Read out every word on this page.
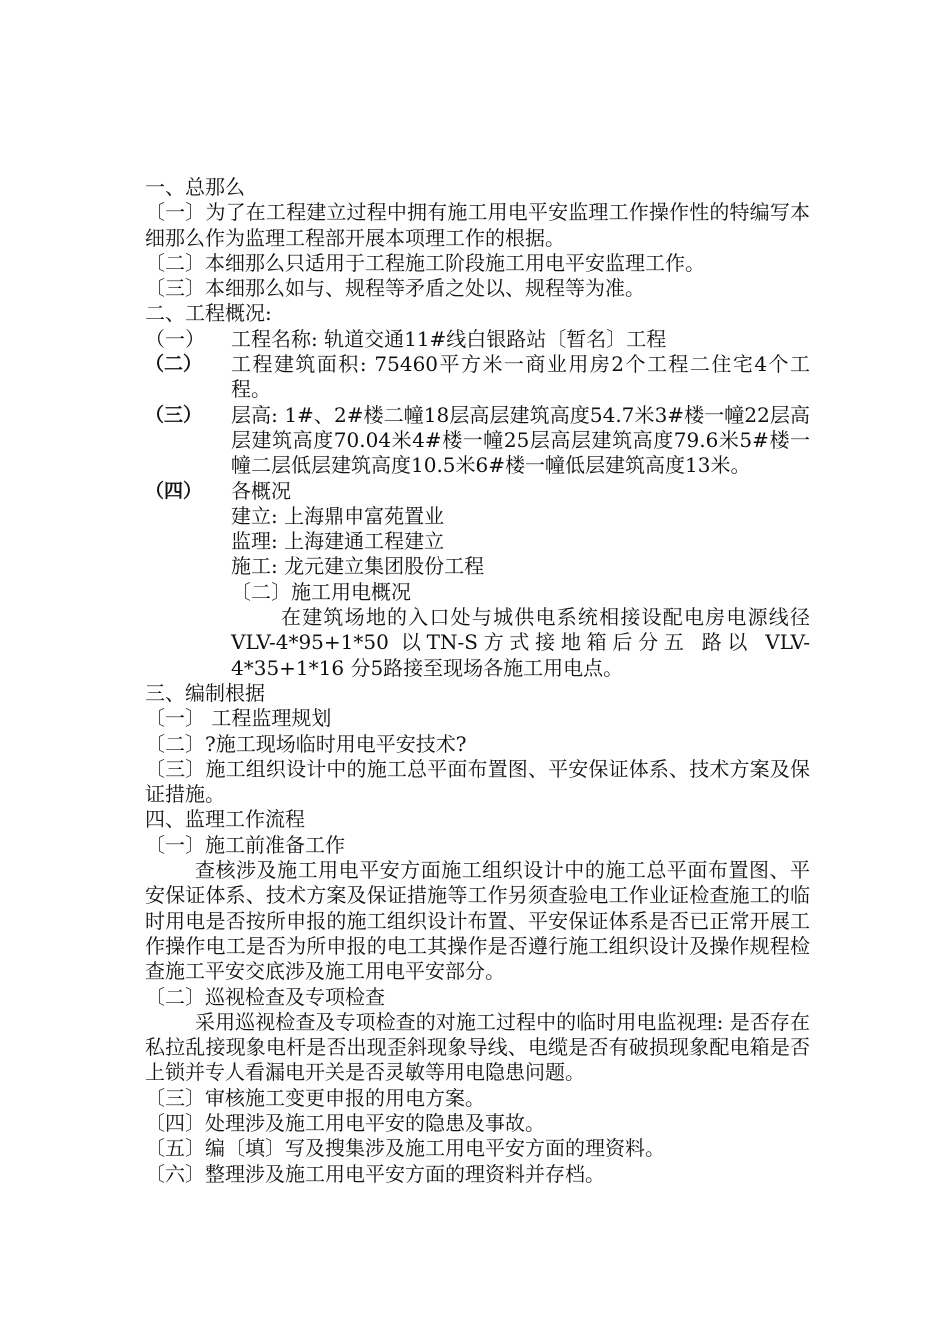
一、总那么

〔一〕为了在工程建立过程中拥有施工用电平安监理工作操作性的特编写本细那么作为监理工程部开展本项理工作的根据。

〔二〕本细那么只适用于工程施工阶段施工用电平安监理工作。

〔三〕本细那么如与、规程等矛盾之处以、规程等为准。

二、工程概况:

（一）	工程名称: 轨道交通11#线白银路站〔暂名〕工程
（二）	工程建筑面积: 75460平方米一商业用房2个工程二住宅4个工程。
（三）	层高: 1#、2#楼二幢18层高层建筑高度54.7米3#楼一幢22层高层建筑高度70.04米4#楼一幢25层高层建筑高度79.6米5#楼一幢二层低层建筑高度10.5米6#楼一幢低层建筑高度13米。
（四）	各概况

建立: 上海鼎申富苑置业

监理: 上海建通工程建立

施工: 龙元建立集团股份工程

〔二〕施工用电概况

在建筑场地的入口处与城供电系统相接设配电房电源线径VLV-4*95+1*50 以TN-S方式接地箱后分五 路以 VLV-4*35+1*16 分5路接至现场各施工用电点。

三、编制根据

〔一〕 工程监理规划

〔二〕?施工现场临时用电平安技术?

〔三〕施工组织设计中的施工总平面布置图、平安保证体系、技术方案及保证措施。

四、监理工作流程

〔一〕施工前准备工作

查核涉及施工用电平安方面施工组织设计中的施工总平面布置图、平安保证体系、技术方案及保证措施等工作另须查验电工作业证检查施工的临时用电是否按所申报的施工组织设计布置、平安保证体系是否已正常开展工作操作电工是否为所申报的电工其操作是否遵行施工组织设计及操作规程检查施工平安交底涉及施工用电平安部分。

〔二〕巡视检查及专项检查

采用巡视检查及专项检查的对施工过程中的临时用电监视理: 是否存在私拉乱接现象电杆是否出现歪斜现象导线、电缆是否有破损现象配电箱是否上锁并专人看漏电开关是否灵敏等用电隐患问题。

〔三〕审核施工变更申报的用电方案。

〔四〕处理涉及施工用电平安的隐患及事故。

〔五〕编〔填〕写及搜集涉及施工用电平安方面的理资料。

〔六〕整理涉及施工用电平安方面的理资料并存档。
